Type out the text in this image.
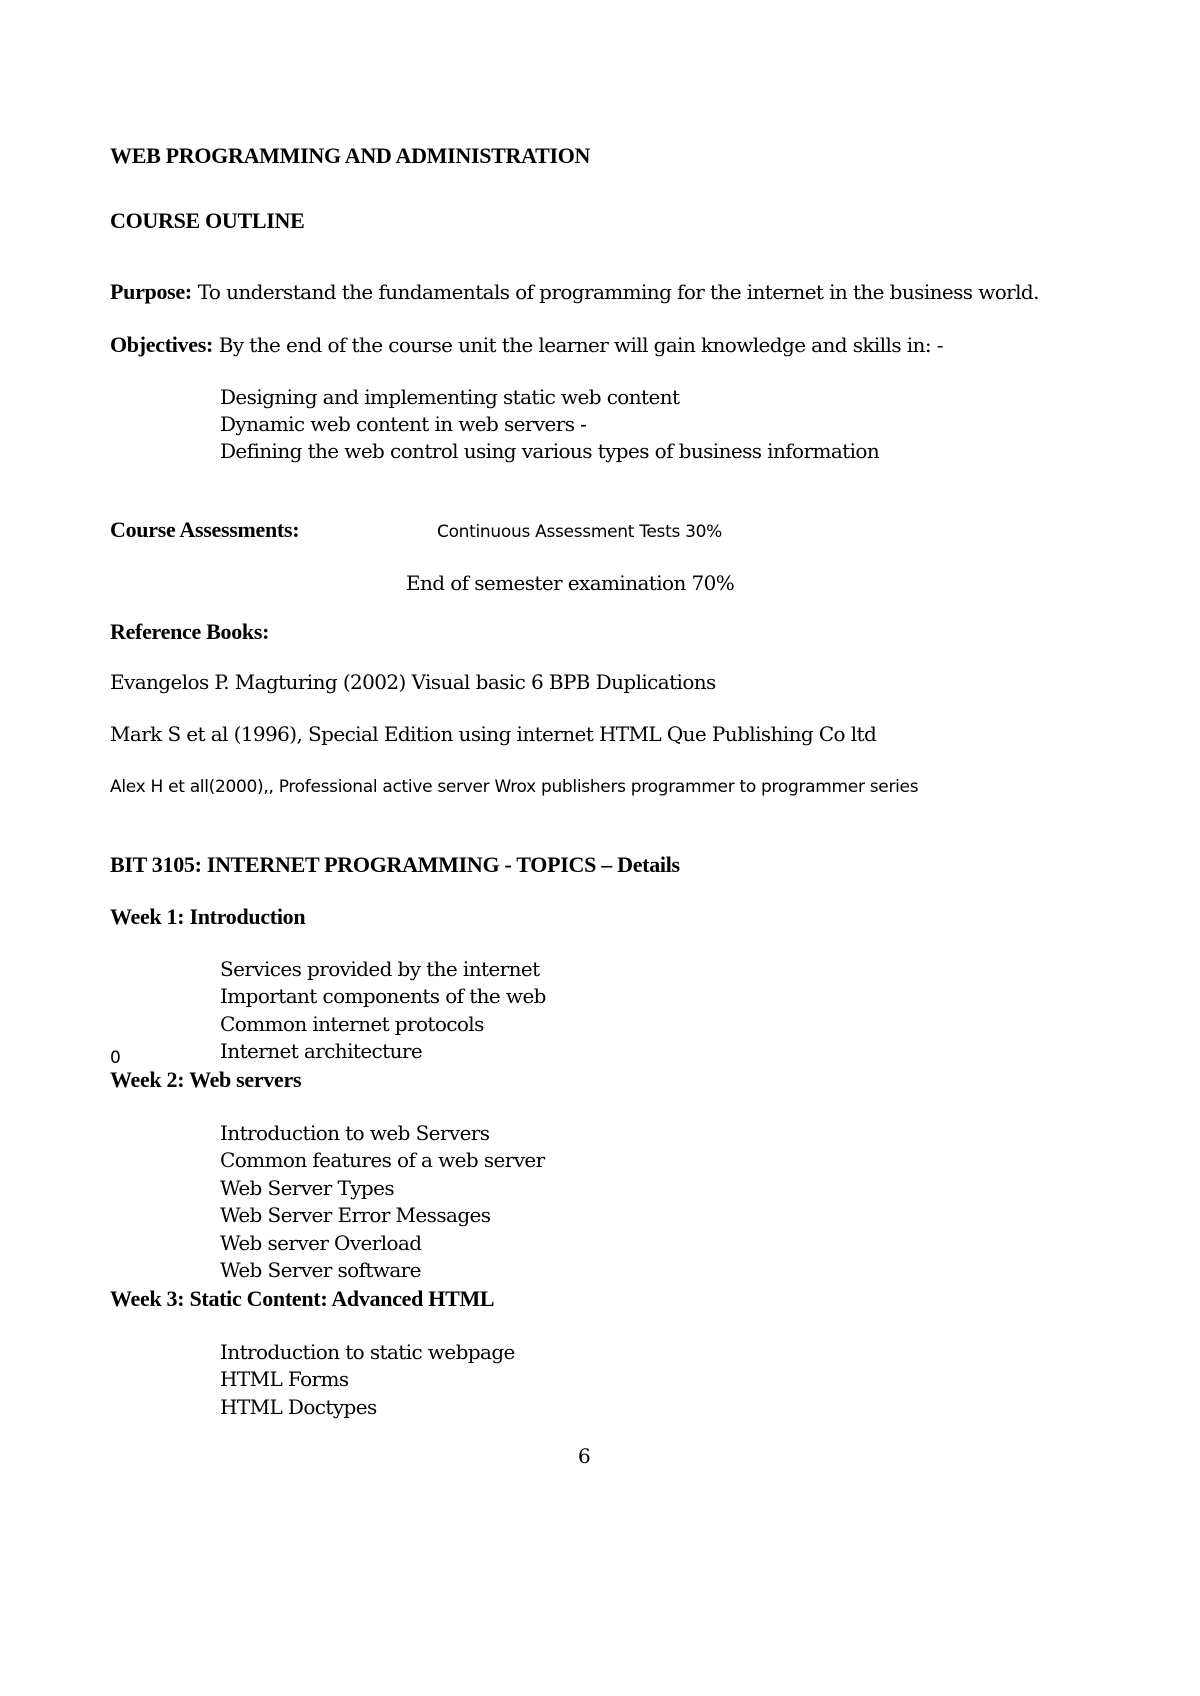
WEB PROGRAMMING AND ADMINISTRATION
COURSE OUTLINE
Purpose: To understand the fundamentals of programming for the internet in the business world.
Objectives: By the end of the course unit the learner will gain knowledge and skills in: -
Designing and implementing static web content
Dynamic web content in web servers -
Defining the web control using various types of business information
Course Assessments:	Continuous Assessment Tests 30%
End of semester examination 70%
Reference Books:
Evangelos P. Magturing (2002) Visual basic 6 BPB Duplications
Mark S et al (1996), Special Edition using internet HTML Que Publishing Co ltd
Alex H et all(2000),, Professional active server Wrox publishers programmer to programmer series
BIT 3105: INTERNET PROGRAMMING - TOPICS – Details
Week 1: Introduction
Services provided by the internet
Important components of the web
Common internet protocols
0	Internet architecture
Week 2: Web servers
Introduction to web Servers
Common features of a web server
Web Server Types
Web Server Error Messages
Web server Overload
Web Server software
Week 3: Static Content: Advanced HTML
Introduction to static webpage
HTML Forms
HTML Doctypes
6
